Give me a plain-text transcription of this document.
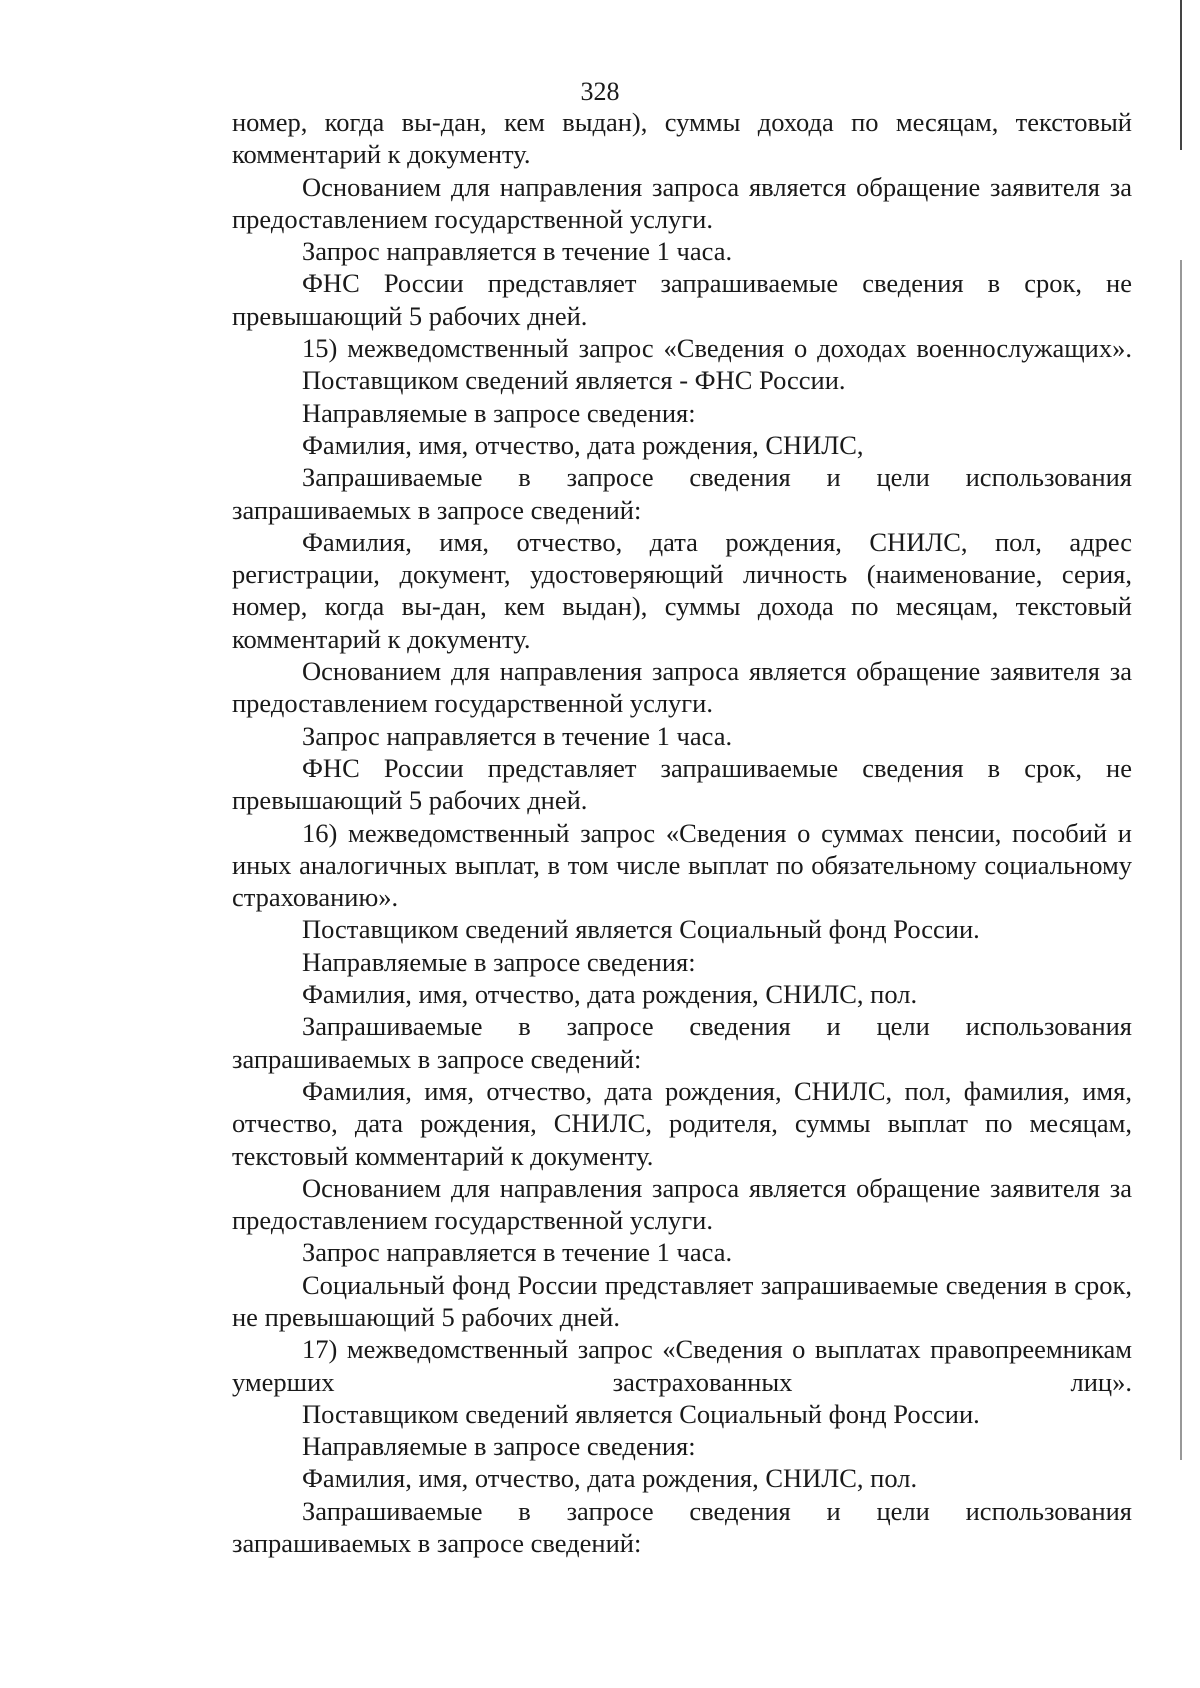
328

номер, когда вы-дан, кем выдан), суммы дохода по месяцам, текстовый комментарий к документу.

Основанием для направления запроса является обращение заявителя за предоставлением государственной услуги.

Запрос направляется в течение 1 часа.

ФНС России представляет запрашиваемые сведения в срок, не превышающий 5 рабочих дней.

15) межведомственный запрос «Сведения о доходах военнослужащих».

Поставщиком сведений является - ФНС России.

Направляемые в запросе сведения:

Фамилия, имя, отчество, дата рождения, СНИЛС,

Запрашиваемые в запросе сведения и цели использования запрашиваемых в запросе сведений:

Фамилия, имя, отчество, дата рождения, СНИЛС, пол, адрес регистрации, документ, удостоверяющий личность (наименование, серия, номер, когда вы-дан, кем выдан), суммы дохода по месяцам, текстовый комментарий к документу.

Основанием для направления запроса является обращение заявителя за предоставлением государственной услуги.

Запрос направляется в течение 1 часа.

ФНС России представляет запрашиваемые сведения в срок, не превышающий 5 рабочих дней.

16) межведомственный запрос «Сведения о суммах пенсии, пособий и иных аналогичных выплат, в том числе выплат по обязательному социальному страхованию».

Поставщиком сведений является Социальный фонд России.

Направляемые в запросе сведения:

Фамилия, имя, отчество, дата рождения, СНИЛС, пол.

Запрашиваемые в запросе сведения и цели использования запрашиваемых в запросе сведений:

Фамилия, имя, отчество, дата рождения, СНИЛС, пол, фамилия, имя, отчество, дата рождения, СНИЛС, родителя, суммы выплат по месяцам, текстовый комментарий к документу.

Основанием для направления запроса является обращение заявителя за предоставлением государственной услуги.

Запрос направляется в течение 1 часа.

Социальный фонд России представляет запрашиваемые сведения в срок, не превышающий 5 рабочих дней.

17) межведомственный запрос «Сведения о выплатах правопреемникам умерших застрахованных лиц».

Поставщиком сведений является Социальный фонд России.

Направляемые в запросе сведения:

Фамилия, имя, отчество, дата рождения, СНИЛС, пол.

Запрашиваемые в запросе сведения и цели использования запрашиваемых в запросе сведений:
